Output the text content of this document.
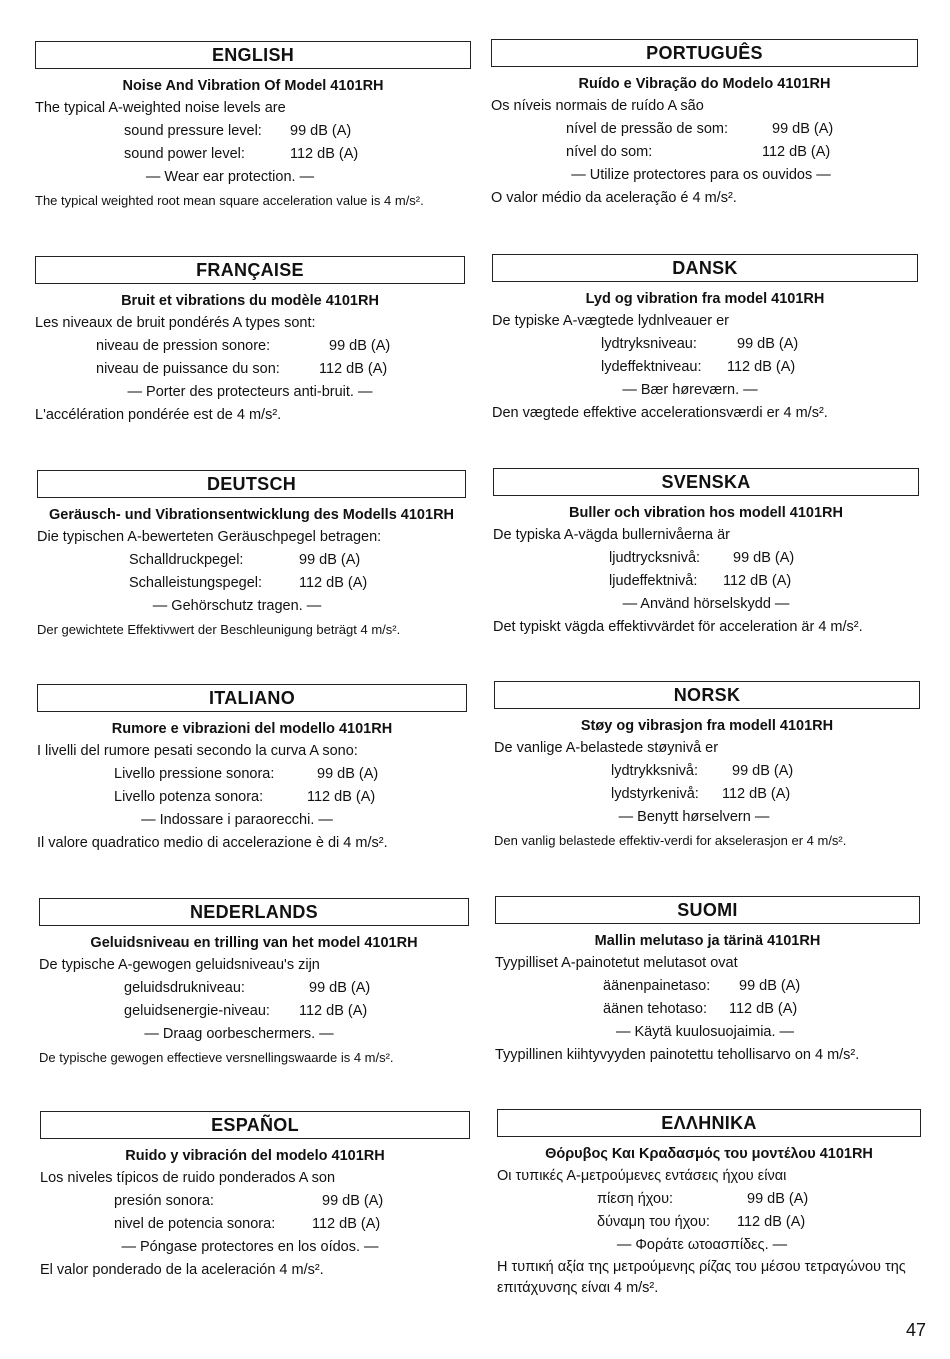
ENGLISH
Noise And Vibration Of Model 4101RH
The typical A-weighted noise levels are
sound pressure level:	99 dB (A)
sound power level:	112 dB (A)
— Wear ear protection. —
The typical weighted root mean square acceleration value is 4 m/s².
PORTUGUÊS
Ruído e Vibração do Modelo 4101RH
Os níveis normais de ruído A são
nível de pressão de som:	99 dB (A)
nível do som:	112 dB (A)
— Utilize protectores para os ouvidos —
O valor médio da aceleração é 4 m/s².
FRANÇAISE
Bruit et vibrations du modèle 4101RH
Les niveaux de bruit pondérés A types sont:
niveau de pression sonore:	99 dB (A)
niveau de puissance du son:	112 dB (A)
— Porter des protecteurs anti-bruit. —
L'accélération pondérée est de 4 m/s².
DANSK
Lyd og vibration fra model 4101RH
De typiske A-vægtede lydnlveauer er
lydtryksniveau:	99 dB (A)
lydeffektniveau:	112 dB (A)
— Bær høreværn. —
Den vægtede effektive accelerationsværdi er 4 m/s².
DEUTSCH
Geräusch- und Vibrationsentwicklung des Modells 4101RH
Die typischen A-bewerteten Geräuschpegel betragen:
Schalldruckpegel:	99 dB (A)
Schalleistungspegel:	112 dB (A)
— Gehörschutz tragen. —
Der gewichtete Effektivwert der Beschleunigung beträgt 4 m/s².
SVENSKA
Buller och vibration hos modell 4101RH
De typiska A-vägda bullernivåerna är
ljudtrycksnivå:	99 dB (A)
ljudeffektnivå:	112 dB (A)
— Använd hörselskydd —
Det typiskt vägda effektivvärdet för acceleration är 4 m/s².
ITALIANO
Rumore e vibrazioni del modello 4101RH
I livelli del rumore pesati secondo la curva A sono:
Livello pressione sonora:	99 dB (A)
Livello potenza sonora:	112 dB (A)
— Indossare i paraorecchi. —
Il valore quadratico medio di accelerazione è di 4 m/s².
NORSK
Støy og vibrasjon fra modell 4101RH
De vanlige A-belastede støynivå er
lydtrykksnivå:	99 dB (A)
lydstyrkenivå:	112 dB (A)
— Benytt hørselvern —
Den vanlig belastede effektiv-verdi for akselerasjon er 4 m/s².
NEDERLANDS
Geluidsniveau en trilling van het model 4101RH
De typische A-gewogen geluidsniveau's zijn
geluidsdrukniveau:	99 dB (A)
geluidsenergie-niveau:	112 dB (A)
— Draag oorbeschermers. —
De typische gewogen effectieve versnellingswaarde is 4 m/s².
SUOMI
Mallin melutaso ja tärinä 4101RH
Tyypilliset A-painotetut melutasot ovat
äänenpainetaso:	99 dB (A)
äänen tehotaso:	112 dB (A)
— Käytä kuulosuojaimia. —
Tyypillinen kiihtyvyyden painotettu tehollisarvo on 4 m/s².
ESPAÑOL
Ruido y vibración del modelo 4101RH
Los niveles típicos de ruido ponderados A son
presión sonora:	99 dB (A)
nivel de potencia sonora:	112 dB (A)
— Póngase protectores en los oídos. —
El valor ponderado de la aceleración 4 m/s².
ΕΛΛΗΝΙΚΑ
Θόρυβος Και Κραδασμός του μοντέλου 4101RH
Οι τυπικές Α-μετρούμενες εντάσεις ήχου είναι
πίεση ήχου:	99 dB (A)
δύναμη του ήχου:	112 dB (A)
— Φοράτε ωτοασπίδες. —
Η τυπική αξία της μετρούμενης ρίζας του μέσου τετραγώνου της επιτάχυνσης είναι 4 m/s².
47
